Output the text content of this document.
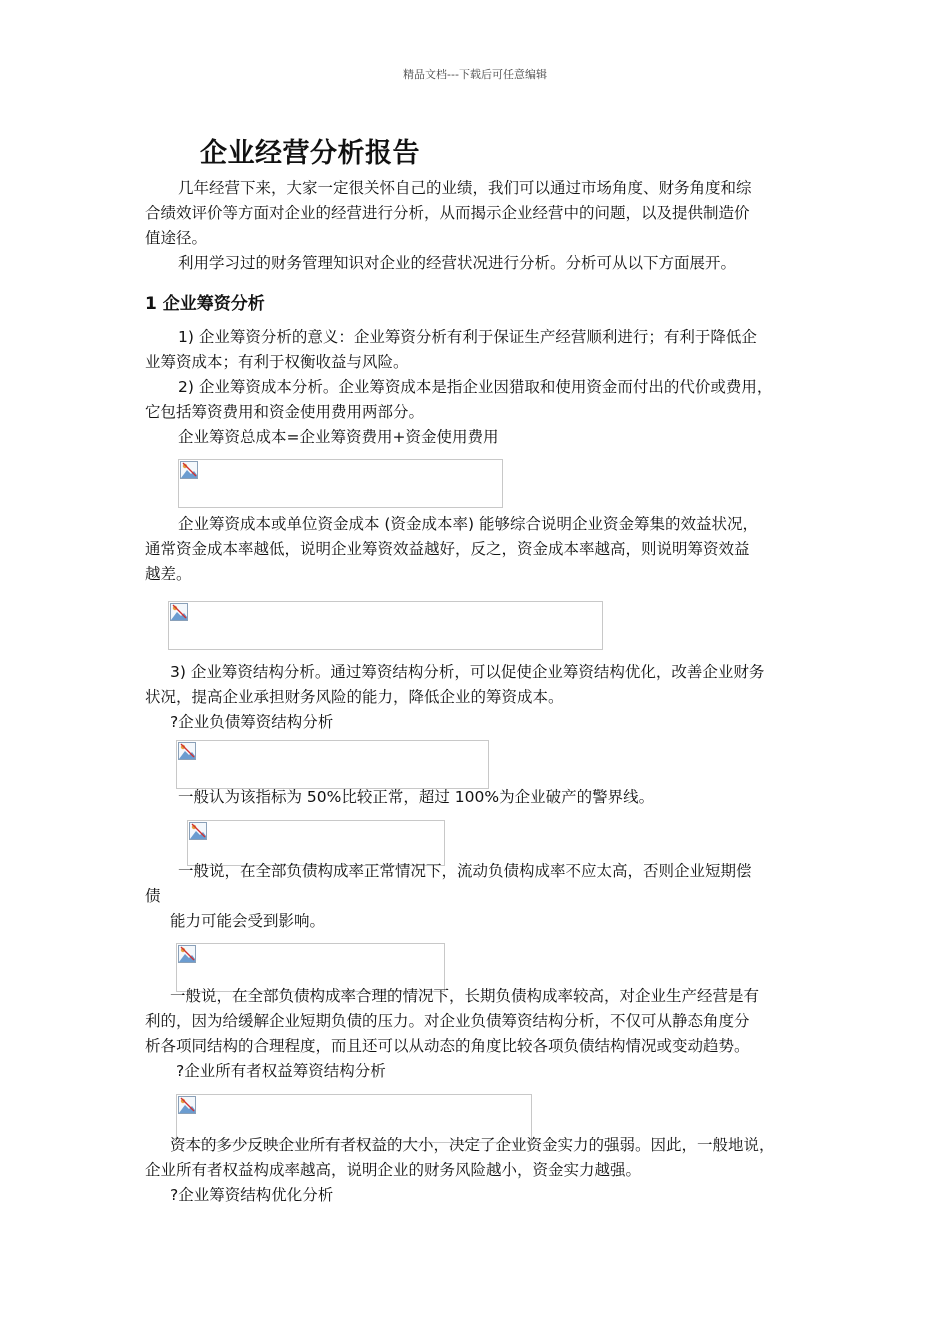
精品文档---下载后可任意编辑
企业经营分析报告
几年经营下来，大家一定很关怀自己的业绩，我们可以通过市场角度、财务角度和综
合绩效评价等方面对企业的经营进行分析，从而揭示企业经营中的问题，以及提供制造价
值途径。
利用学习过的财务管理知识对企业的经营状况进行分析。分析可从以下方面展开。
1 企业筹资分析
1) 企业筹资分析的意义：企业筹资分析有利于保证生产经营顺利进行；有利于降低企
业筹资成本；有利于权衡收益与风险。
2) 企业筹资成本分析。企业筹资成本是指企业因猎取和使用资金而付出的代价或费用，
它包括筹资费用和资金使用费用两部分。
企业筹资总成本=企业筹资费用+资金使用费用
企业筹资成本或单位资金成本 (资金成本率) 能够综合说明企业资金筹集的效益状况，
通常资金成本率越低，说明企业筹资效益越好，反之，资金成本率越高，则说明筹资效益
越差。
3) 企业筹资结构分析。通过筹资结构分析，可以促使企业筹资结构优化，改善企业财务
状况，提高企业承担财务风险的能力，降低企业的筹资成本。
?企业负债筹资结构分析
一般认为该指标为 50%比较正常，超过 100%为企业破产的警界线。
一般说，在全部负债构成率正常情况下，流动负债构成率不应太高，否则企业短期偿
债
能力可能会受到影响。
一般说，在全部负债构成率合理的情况下，长期负债构成率较高，对企业生产经营是有
利的，因为给缓解企业短期负债的压力。对企业负债筹资结构分析，不仅可从静态角度分
析各项同结构的合理程度，而且还可以从动态的角度比较各项负债结构情况或变动趋势。
?企业所有者权益筹资结构分析
资本的多少反映企业所有者权益的大小，决定了企业资金实力的强弱。因此，一般地说，
企业所有者权益构成率越高，说明企业的财务风险越小，资金实力越强。
?企业筹资结构优化分析
